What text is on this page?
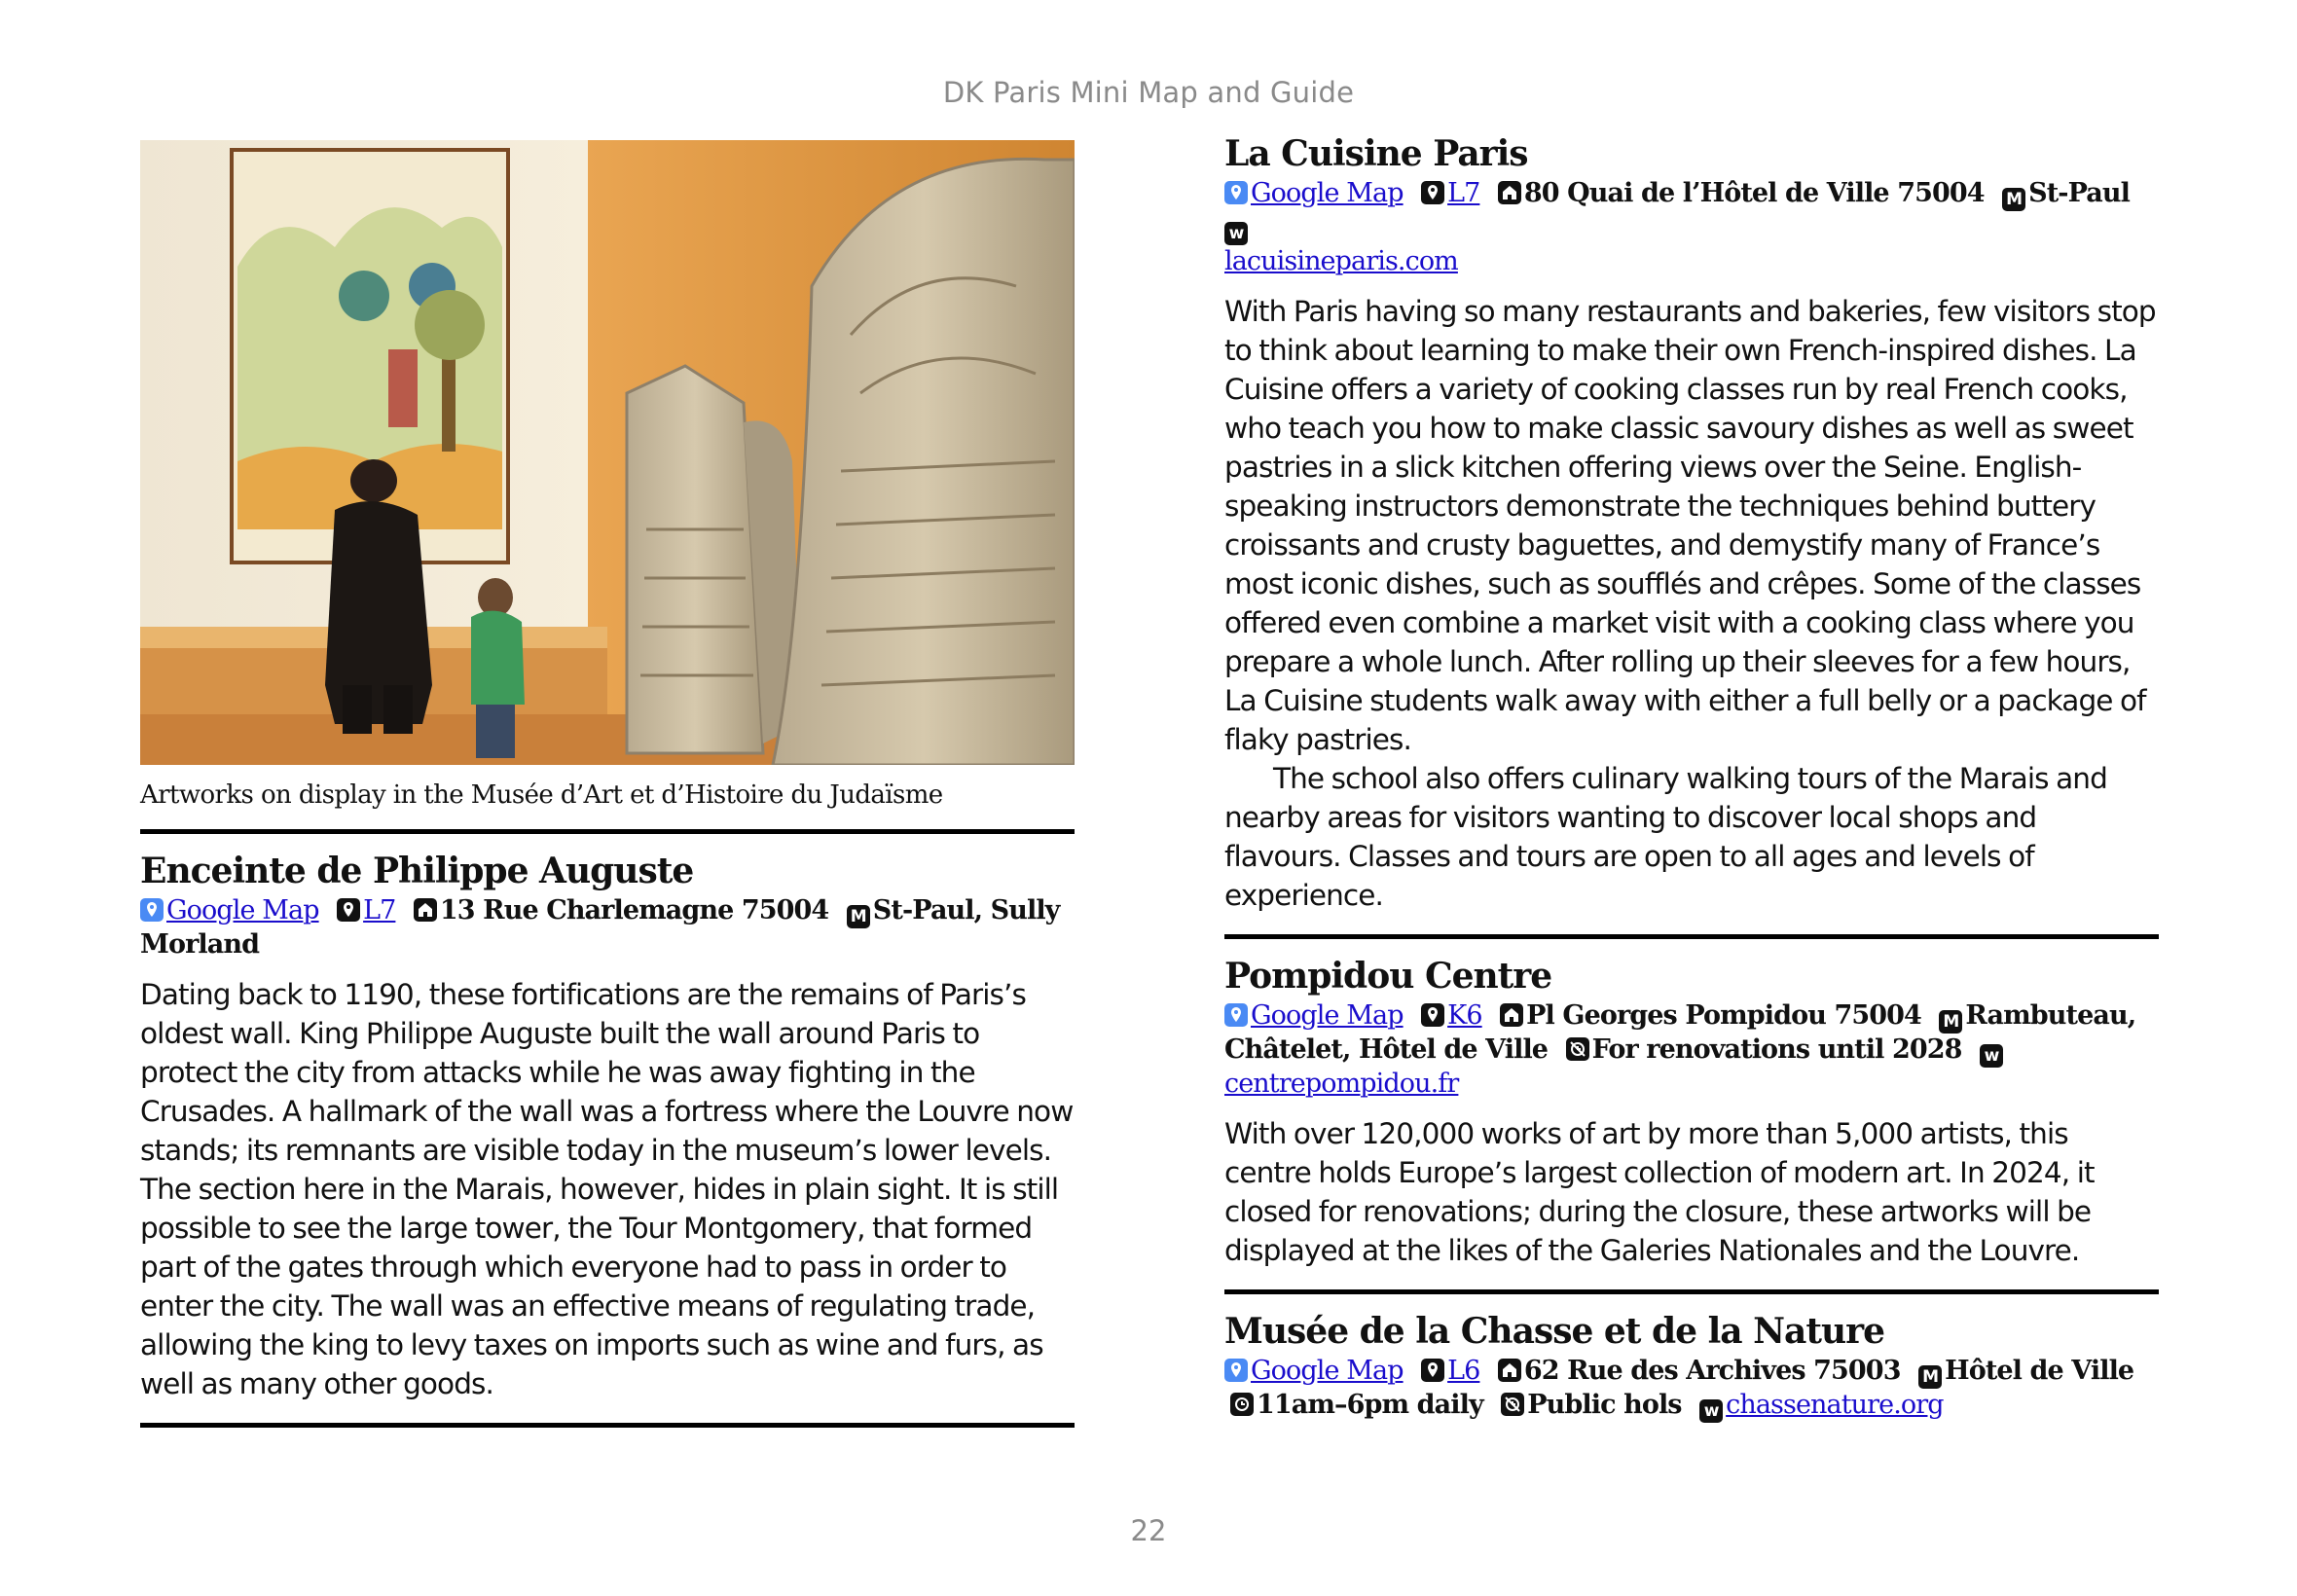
DK Paris Mini Map and Guide
Artworks on display in the Musée d’Art et d’Histoire du Judaïsme
Enceinte de Philippe Auguste
Google Map L7 13 Rue Charlemagne 75004 M St-Paul, Sully Morland

Dating back to 1190, these fortifications are the remains of Paris’s oldest wall. King Philippe Auguste built the wall around Paris to protect the city from attacks while he was away fighting in the Crusades. A hallmark of the wall was a fortress where the Louvre now stands; its remnants are visible today in the museum’s lower levels. The section here in the Marais, however, hides in plain sight. It is still possible to see the large tower, the Tour Montgomery, that formed part of the gates through which everyone had to pass in order to enter the city. The wall was an effective means of regulating trade, allowing the king to levy taxes on imports such as wine and furs, as well as many other goods.

La Cuisine Paris
Google Map L7 80 Quai de l’Hôtel de Ville 75004 M St-Paul w
lacuisineparis.com

With Paris having so many restaurants and bakeries, few visitors stop to think about learning to make their own French-inspired dishes. La Cuisine offers a variety of cooking classes run by real French cooks, who teach you how to make classic savoury dishes as well as sweet pastries in a slick kitchen offering views over the Seine. English-speaking instructors demonstrate the techniques behind buttery croissants and crusty baguettes, and demystify many of France’s most iconic dishes, such as soufflés and crêpes. Some of the classes offered even combine a market visit with a cooking class where you prepare a whole lunch. After rolling up their sleeves for a few hours, La Cuisine students walk away with either a full belly or a package of flaky pastries.

The school also offers culinary walking tours of the Marais and nearby areas for visitors wanting to discover local shops and flavours. Classes and tours are open to all ages and levels of experience.

Pompidou Centre
Google Map K6 Pl Georges Pompidou 75004 M Rambuteau, Châtelet, Hôtel de Ville For renovations until 2028 w
centrepompidou.fr

With over 120,000 works of art by more than 5,000 artists, this centre holds Europe’s largest collection of modern art. In 2024, it closed for renovations; during the closure, these artworks will be displayed at the likes of the Galeries Nationales and the Louvre.

Musée de la Chasse et de la Nature
Google Map L6 62 Rue des Archives 75003 M Hôtel de Ville

11am–6pm daily Public hols w chassenature.org
22
